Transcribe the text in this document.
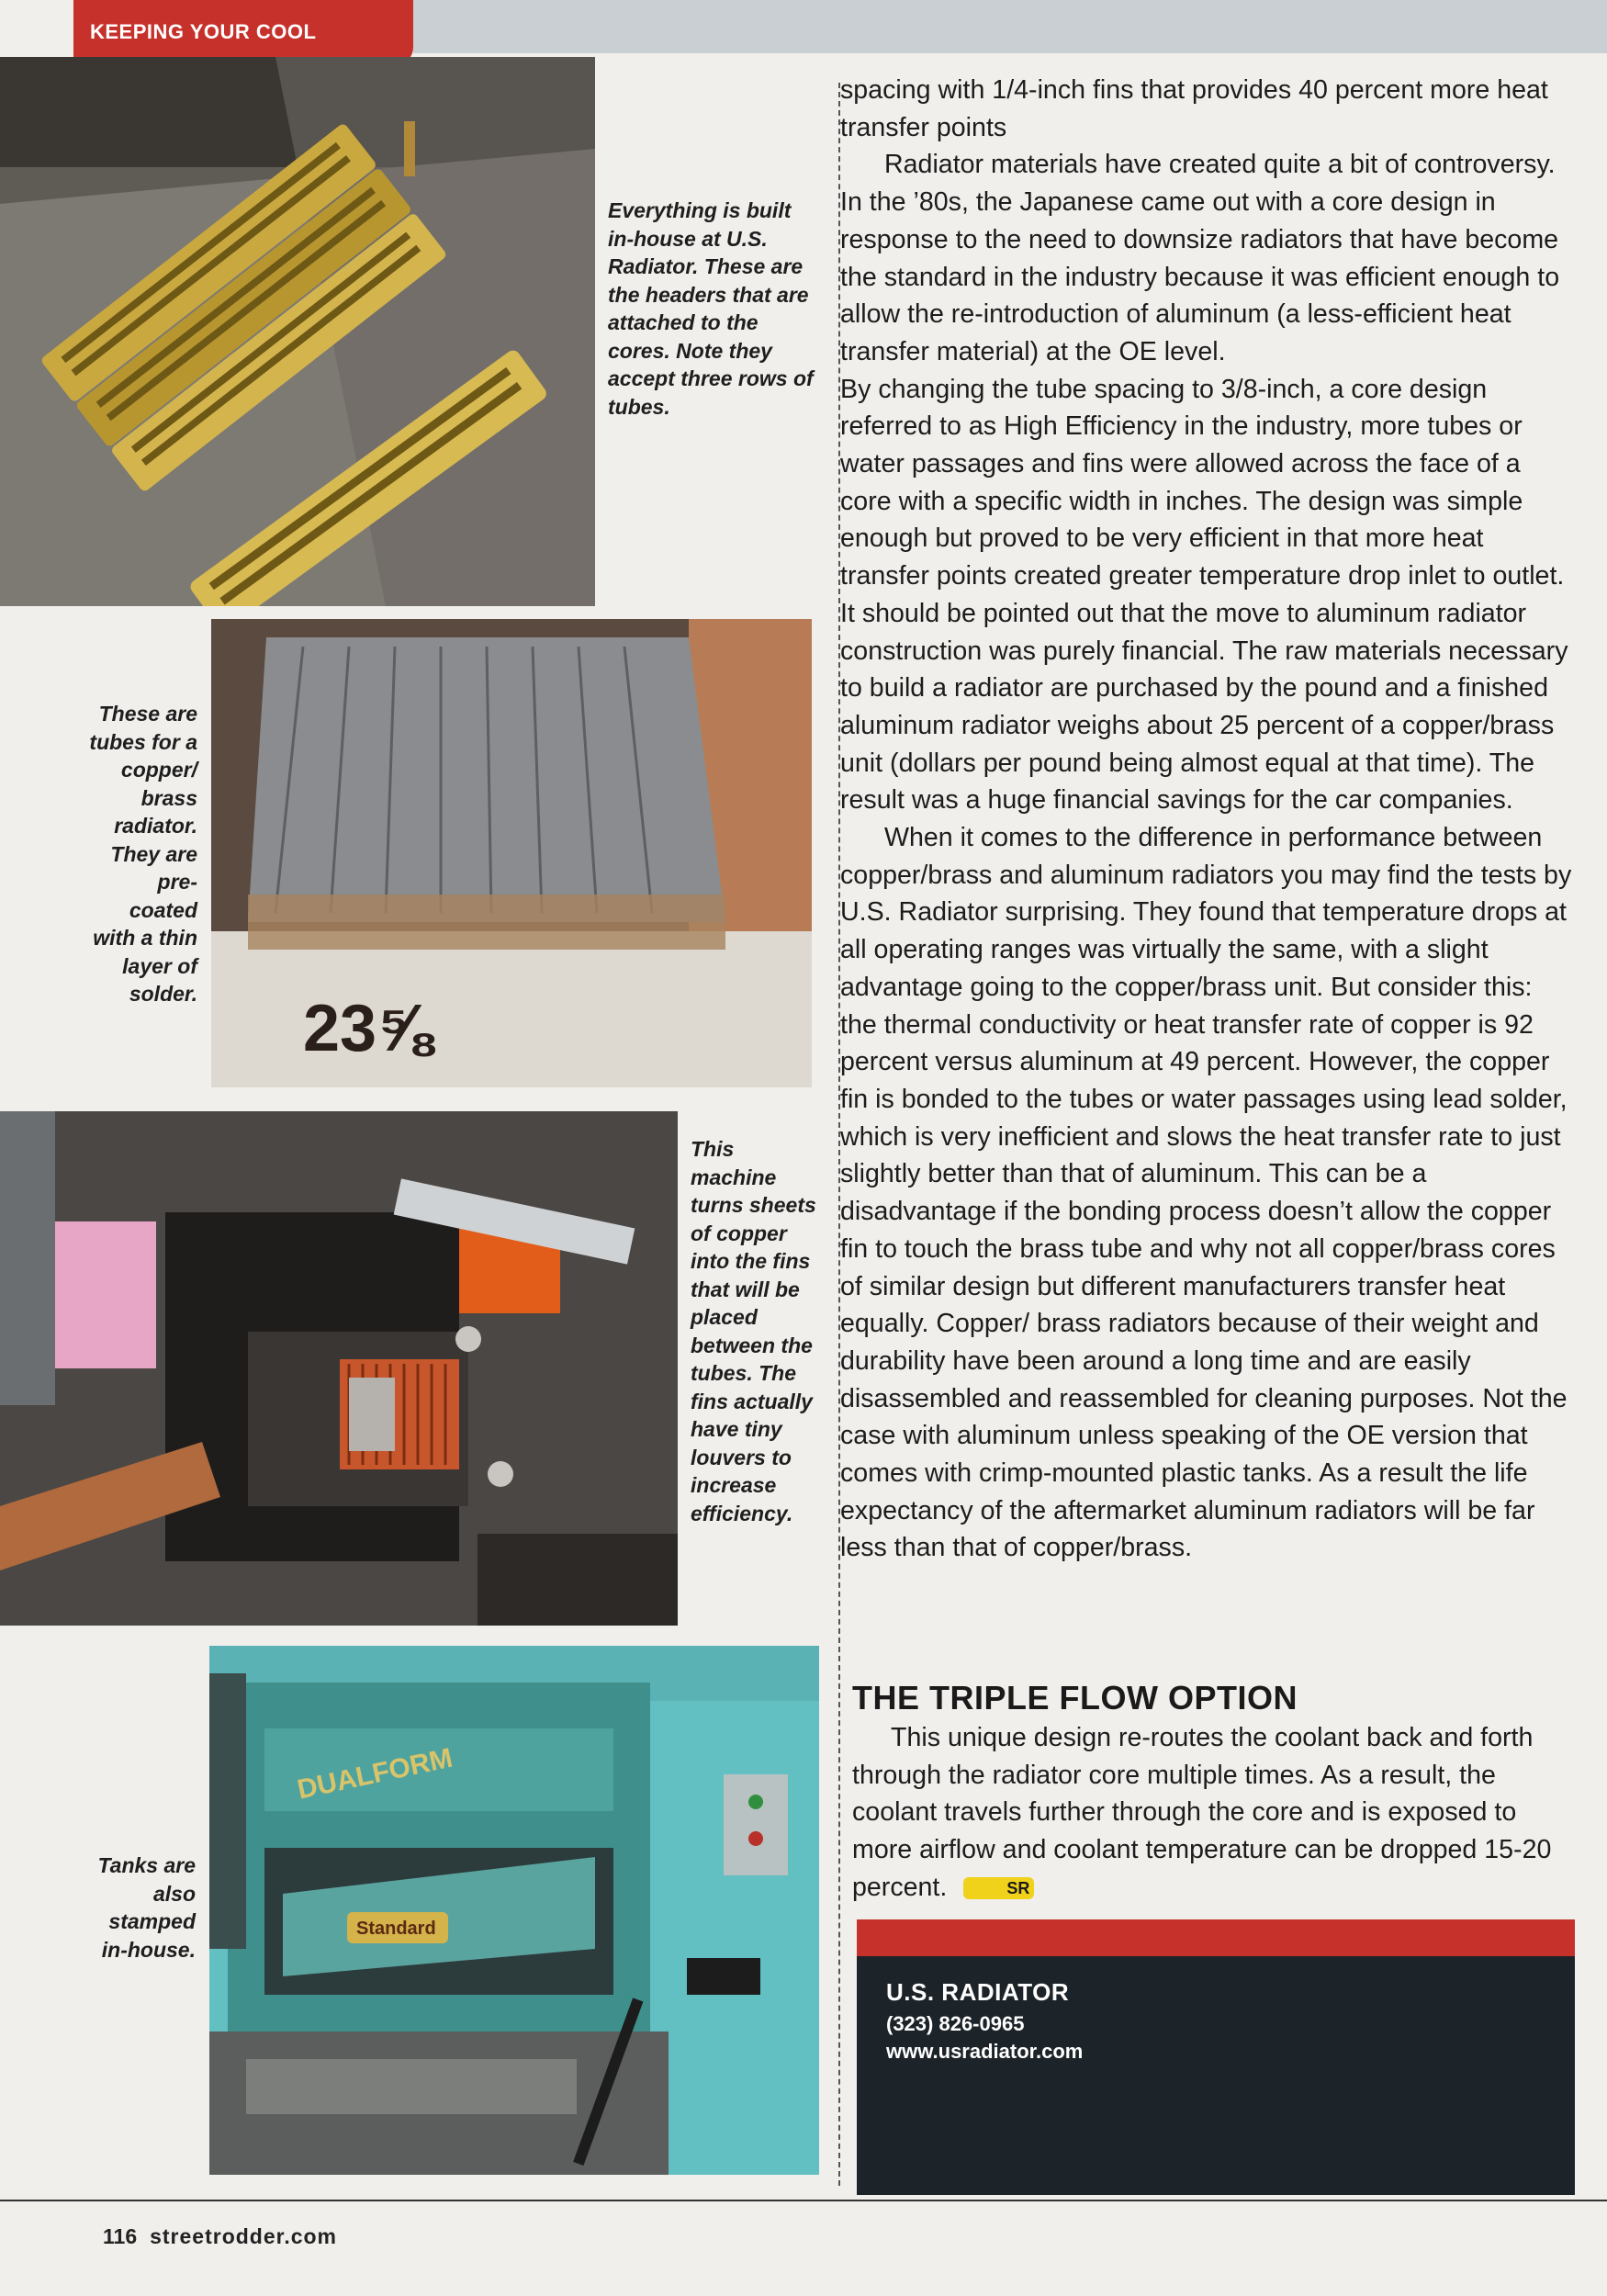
KEEPING YOUR COOL
Everything is built in-house at U.S. Radiator. These are the headers that are attached to the cores. Note they accept three rows of tubes.
23⅝
These are tubes for a copper/ brass radiator. They are pre- coated with a thin layer of solder.
This machine turns sheets of copper into the fins that will be placed between the tubes. The fins actually have tiny louvers to increase efficiency.
DUALFORM
Standard
Tanks are also stamped in-house.

spacing with 1/4-inch fins that provides 40 percent more heat transfer points

Radiator materials have created quite a bit of controversy. In the ’80s, the Japanese came out with a core design in response to the need to downsize radiators that have become the standard in the industry because it was efficient enough to allow the re-introduction of aluminum (a less-efficient heat transfer material) at the OE level.

By changing the tube spacing to 3/8-inch, a core design referred to as High Efficiency in the industry, more tubes or water passages and fins were allowed across the face of a core with a specific width in inches. The design was simple enough but proved to be very efficient in that more heat transfer points created greater temperature drop inlet to outlet. It should be pointed out that the move to aluminum radiator construction was purely financial. The raw materials necessary to build a radiator are purchased by the pound and a finished aluminum radiator weighs about 25 percent of a copper/brass unit (dollars per pound being almost equal at that time). The result was a huge financial savings for the car companies.

When it comes to the difference in performance between copper/brass and aluminum radiators you may find the tests by U.S. Radiator surprising. They found that temperature drops at all operating ranges was virtually the same, with a slight advantage going to the copper/brass unit. But consider this: the thermal conductivity or heat transfer rate of copper is 92 percent versus aluminum at 49 percent. However, the copper fin is bonded to the tubes or water passages using lead solder, which is very inefficient and slows the heat transfer rate to just slightly better than that of aluminum. This can be a disadvantage if the bonding process doesn’t allow the copper fin to touch the brass tube and why not all copper/brass cores of similar design but different manufacturers transfer heat equally. Copper/ brass radiators because of their weight and durability have been around a long time and are easily disassembled and reassembled for cleaning purposes. Not the case with aluminum unless speaking of the OE version that comes with crimp-mounted plastic tanks. As a result the life expectancy of the aftermarket aluminum radiators will be far less than that of copper/brass.

THE TRIPLE FLOW OPTION

This unique design re-routes the coolant back and forth through the radiator core multiple times. As a result, the coolant travels further through the core and is exposed to more airflow and coolant temperature can be dropped 15-20 percent.	SR

U.S. RADIATOR
(323) 826-0965
www.usradiator.com
116 streetrodder.com
